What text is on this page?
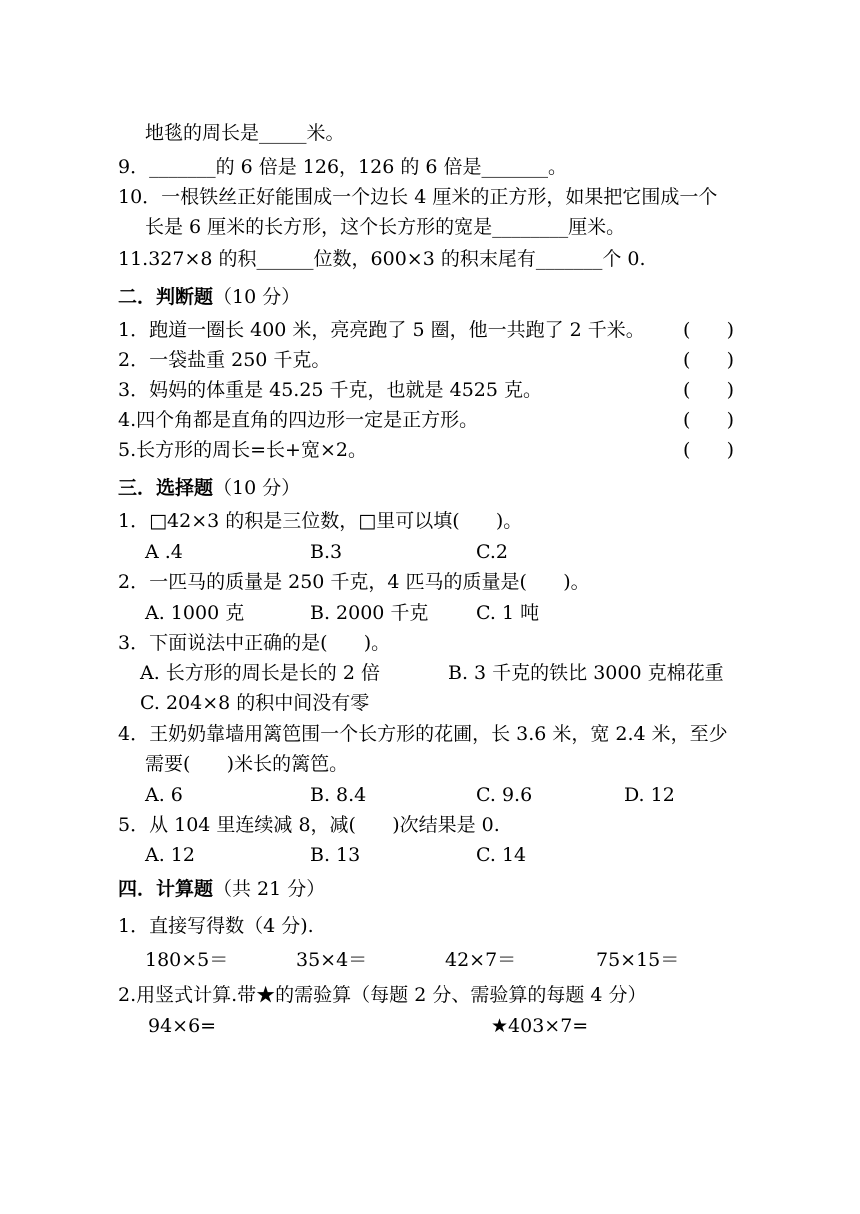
地毯的周长是_____米。
9．_______的 6 倍是 126，126 的 6 倍是_______。
10．一根铁丝正好能围成一个边长 4 厘米的正方形，如果把它围成一个
长是 6 厘米的长方形，这个长方形的宽是________厘米。
11.327×8 的积______位数，600×3 的积末尾有_______个 0.
二．判断题（10 分）
1．跑道一圈长 400 米，亮亮跑了 5 圈，他一共跑了 2 千米。 (      )
2．一袋盐重 250 千克。	(      )
3．妈妈的体重是 45.25 千克，也就是 4525 克。	(      )
4.四个角都是直角的四边形一定是正方形。	(      )
5.长方形的周长=长+宽×2。	(      )
三．选择题（10 分）
1．□42×3 的积是三位数，□里可以填(      )。
A .4	B.3	C.2
2．一匹马的质量是 250 千克，4 匹马的质量是(      )。
A. 1000 克	B. 2000 千克	C. 1 吨
3．下面说法中正确的是(      )。
A. 长方形的周长是长的 2 倍	B. 3 千克的铁比 3000 克棉花重
C. 204×8 的积中间没有零
4．王奶奶靠墙用篱笆围一个长方形的花圃，长 3.6 米，宽 2.4 米，至少
需要(      )米长的篱笆。
A. 6	B. 8.4	C. 9.6	D. 12
5．从 104 里连续减 8，减(      )次结果是 0.
A. 12	B. 13	C. 14
四．计算题（共 21 分）
1．直接写得数（4 分).
180×5＝	35×4＝	42×7＝	75×15＝
2.用竖式计算.带★的需验算（每题 2 分、需验算的每题 4 分）
94×6=	★403×7=
